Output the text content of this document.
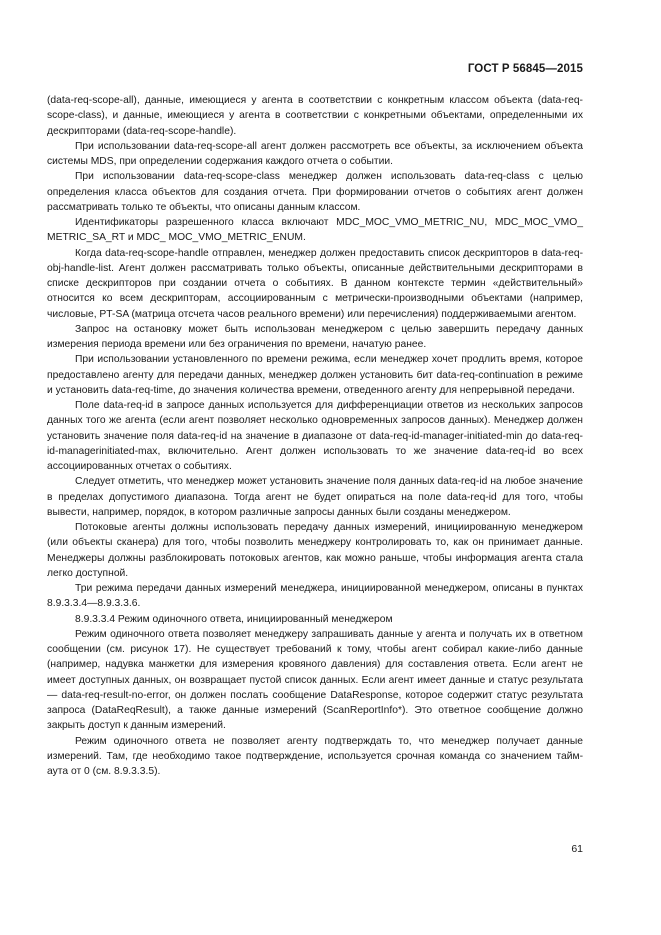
ГОСТ Р 56845—2015

(data-req-scope-all), данные, имеющиеся у агента в соответствии с конкретным классом объекта (data-req-scope-class), и данные, имеющиеся у агента в соответствии с конкретными объектами, определенными их дескрипторами (data-req-scope-handle).

При использовании data-req-scope-all агент должен рассмотреть все объекты, за исключением объекта системы MDS, при определении содержания каждого отчета о событии.

При использовании data-req-scope-class менеджер должен использовать data-req-class с целью определения класса объектов для создания отчета. При формировании отчетов о событиях агент должен рассматривать только те объекты, что описаны данным классом.

Идентификаторы разрешенного класса включают MDC_MOC_VMO_METRIC_NU, MDC_MOC_VMO_ METRIC_SA_RT и MDC_ MOC_VMO_METRIC_ENUM.

Когда data-req-scope-handle отправлен, менеджер должен предоставить список дескрипторов в data-req-obj-handle-list. Агент должен рассматривать только объекты, описанные действительными дескрипторами в списке дескрипторов при создании отчета о событиях. В данном контексте термин «действительный» относится ко всем дескрипторам, ассоциированным с метрически-производными объектами (например, числовые, PT-SA (матрица отсчета часов реального времени) или перечисления) поддерживаемыми агентом.

Запрос на остановку может быть использован менеджером с целью завершить передачу данных измерения периода времени или без ограничения по времени, начатую ранее.

При использовании установленного по времени режима, если менеджер хочет продлить время, которое предоставлено агенту для передачи данных, менеджер должен установить бит data-req-continuation в режиме и установить data-req-time, до значения количества времени, отведенного агенту для непрерывной передачи.

Поле data-req-id в запросе данных используется для дифференциации ответов из нескольких запросов данных того же агента (если агент позволяет несколько одновременных запросов данных). Менеджер должен установить значение поля data-req-id на значение в диапазоне от data-req-id-manager-initiated-min до data-req-id-managerinitiated-max, включительно. Агент должен использовать то же значение data-req-id во всех ассоциированных отчетах о событиях.

Следует отметить, что менеджер может установить значение поля данных data-req-id на любое значение в пределах допустимого диапазона. Тогда агент не будет опираться на поле data-req-id для того, чтобы вывести, например, порядок, в котором различные запросы данных были созданы менеджером.

Потоковые агенты должны использовать передачу данных измерений, инициированную менеджером (или объекты сканера) для того, чтобы позволить менеджеру контролировать то, как он принимает данные. Менеджеры должны разблокировать потоковых агентов, как можно раньше, чтобы информация агента стала легко доступной.

Три режима передачи данных измерений менеджера, инициированной менеджером, описаны в пунктах 8.9.3.3.4—8.9.3.3.6.

8.9.3.3.4 Режим одиночного ответа, инициированный менеджером

Режим одиночного ответа позволяет менеджеру запрашивать данные у агента и получать их в ответном сообщении (см. рисунок 17). Не существует требований к тому, чтобы агент собирал какие-либо данные (например, надувка манжетки для измерения кровяного давления) для составления ответа. Если агент не имеет доступных данных, он возвращает пустой список данных. Если агент имеет данные и статус результата — data-req-result-no-error, он должен послать сообщение DataResponse, которое содержит статус результата запроса (DataReqResult), а также данные измерений (ScanReportInfo*). Это ответное сообщение должно закрыть доступ к данным измерений.

Режим одиночного ответа не позволяет агенту подтверждать то, что менеджер получает данные измерений. Там, где необходимо такое подтверждение, используется срочная команда со значением тайм-аута от 0 (см. 8.9.3.3.5).

61
